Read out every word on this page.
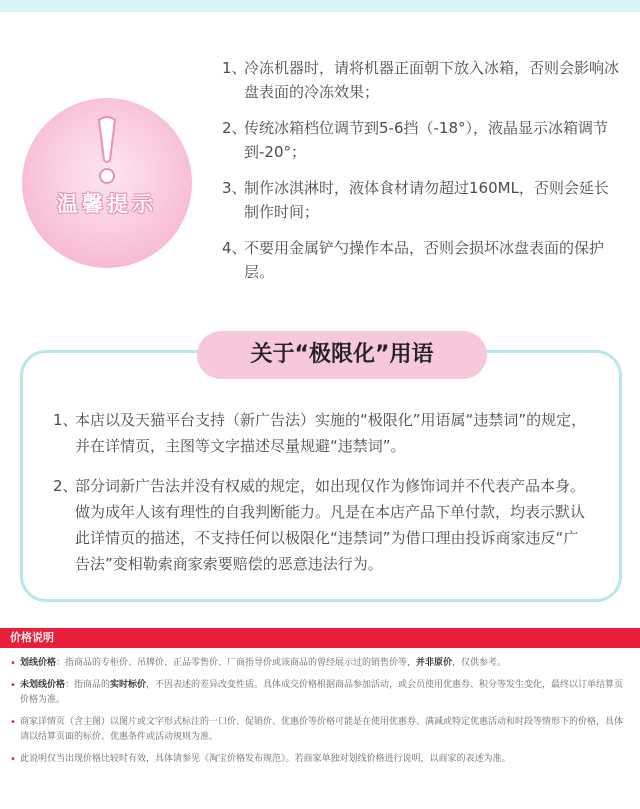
温馨提示
1、
冷冻机器时，请将机器正面朝下放入冰箱，否则会影响冰盘表面的冷冻效果；
2、
传统冰箱档位调节到5-6挡（-18°），液晶显示冰箱调节到-20°；
3、
制作冰淇淋时，液体食材请勿超过160ML，否则会延长制作时间；
4、
不要用金属铲勺操作本品，否则会损坏冰盘表面的保护层。
关于“极限化”用语
1、
本店以及天猫平台支持（新广告法）实施的“极限化”用语属“违禁词”的规定，并在详情页，主图等文字描述尽量规避“违禁词”。
2、
部分词新广告法并没有权威的规定，如出现仅作为修饰词并不代表产品本身。做为成年人该有理性的自我判断能力。凡是在本店产品下单付款，均表示默认此详情页的描述，不支持任何以极限化“违禁词”为借口理由投诉商家违反“广告法”变相勒索商家索要赔偿的恶意违法行为。
价格说明
• 划线价格：指商品的专柜价、吊牌价、正品零售价、厂商指导价或该商品的曾经展示过的销售价等，并非原价，仅供参考。
• 未划线价格：指商品的实时标价，不因表述的差异改变性质。具体成交价格根据商品参加活动，或会员使用优惠券、积分等发生变化，最终以订单结算页价格为准。
• 商家详情页（含主图）以图片或文字形式标注的一口价、促销价、优惠价等价格可能是在使用优惠券、满减或特定优惠活动和时段等情形下的价格，具体请以结算页面的标价、优惠条件或活动规则为准。
• 此说明仅当出现价格比较时有效，具体请参见《淘宝价格发布规范》。若商家单独对划线价格进行说明，以商家的表述为准。
